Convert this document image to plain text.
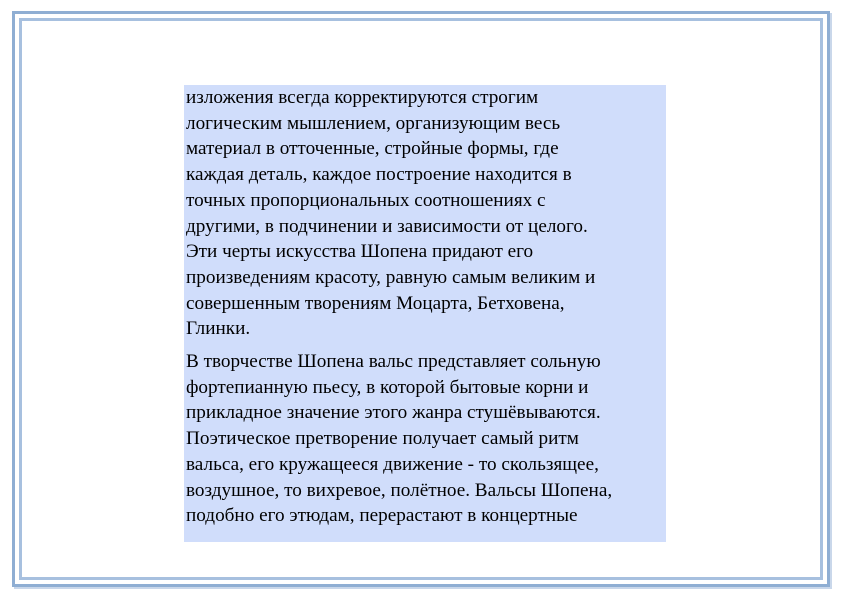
изложения всегда корректируются строгим
логическим мышлением, организующим весь
материал в отточенные, стройные формы, где
каждая деталь, каждое построение находится в
точных пропорциональных соотношениях с
другими, в подчинении и зависимости от целого.
Эти черты искусства Шопена придают его
произведениям красоту, равную самым великим и
совершенным творениям Моцарта, Бетховена,
Глинки.

В творчестве Шопена вальс представляет сольную
фортепианную пьесу, в которой бытовые корни и
прикладное значение этого жанра стушёвываются.
Поэтическое претворение получает самый ритм
вальса, его кружащееся движение - то скользящее,
воздушное, то вихревое, полётное. Вальсы Шопена,
подобно его этюдам, перерастают в концертные
